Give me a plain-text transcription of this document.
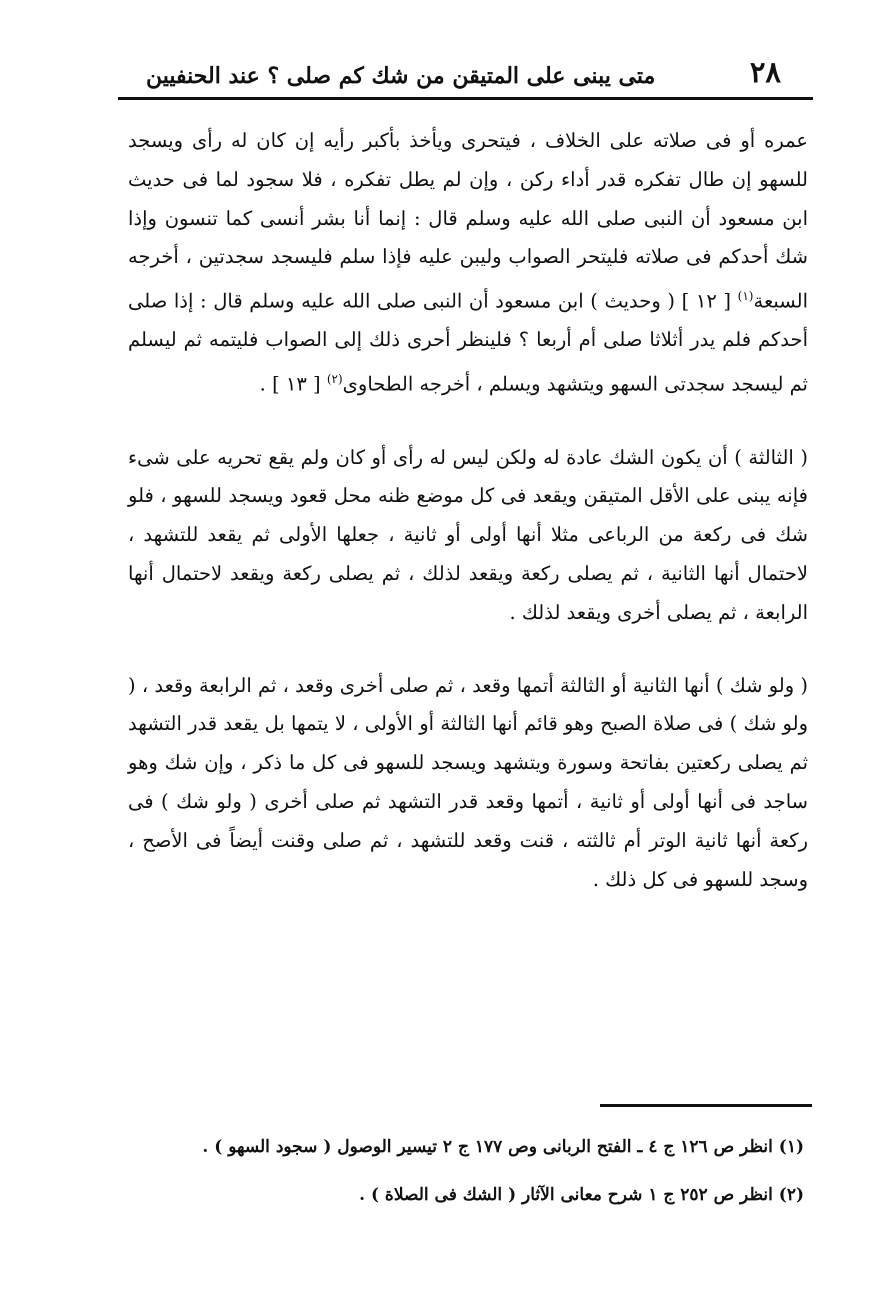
٢٨
متى يبنى على المتيقن من شك كم صلى ؟ عند الحنفيين

عمره أو فى صلاته على الخلاف ، فيتحرى ويأخذ بأكبر رأيه إن كان له رأى ويسجد للسهو إن طال تفكره قدر أداء ركن ، وإن لم يطل تفكره ، فلا سجود لما فى حديث ابن مسعود أن النبى صلى الله عليه وسلم قال : إنما أنا بشر أنسى كما تنسون وإذا شك أحدكم فى صلاته فليتحر الصواب وليبن عليه فإذا سلم فليسجد سجدتين ، أخرجه السبعة$^{(١)}$ [ ١٢ ] ( وحديث ) ابن مسعود أن النبى صلى الله عليه وسلم قال : إذا صلى أحدكم فلم يدر أثلاثا صلى أم أربعا ؟ فلينظر أحرى ذلك إلى الصواب فليتمه ثم ليسلم ثم ليسجد سجدتى السهو ويتشهد ويسلم ، أخرجه الطحاوى$^{(٢)}$ [ ١٣ ] .

( الثالثة ) أن يكون الشك عادة له ولكن ليس له رأى أو كان ولم يقع تحريه على شىء فإنه يبنى على الأقل المتيقن ويقعد فى كل موضع ظنه محل قعود ويسجد للسهو ، فلو شك فى ركعة من الرباعى مثلا أنها أولى أو ثانية ، جعلها الأولى ثم يقعد للتشهد ، لاحتمال أنها الثانية ، ثم يصلى ركعة ويقعد لذلك ، ثم يصلى ركعة ويقعد لاحتمال أنها الرابعة ، ثم يصلى أخرى ويقعد لذلك .

( ولو شك ) أنها الثانية أو الثالثة أتمها وقعد ، ثم صلى أخرى وقعد ، ثم الرابعة وقعد ، ( ولو شك ) فى صلاة الصبح وهو قائم أنها الثالثة أو الأولى ، لا يتمها بل يقعد قدر التشهد ثم يصلى ركعتين بفاتحة وسورة ويتشهد ويسجد للسهو فى كل ما ذكر ، وإن شك وهو ساجد فى أنها أولى أو ثانية ، أتمها وقعد قدر التشهد ثم صلى أخرى ( ولو شك ) فى ركعة أنها ثانية الوتر أم ثالثته ، قنت وقعد للتشهد ، ثم صلى وقنت أيضاً فى الأصح ، وسجد للسهو فى كل ذلك .

(١) انظر ص ١٢٦ ج ٤ ـ الفتح الربانى وص ١٧٧ ج ٢ تيسير الوصول ( سجود السهو ) .

(٢) انظر ص ٢٥٢ ج ١ شرح معانى الآثار ( الشك فى الصلاة ) .
